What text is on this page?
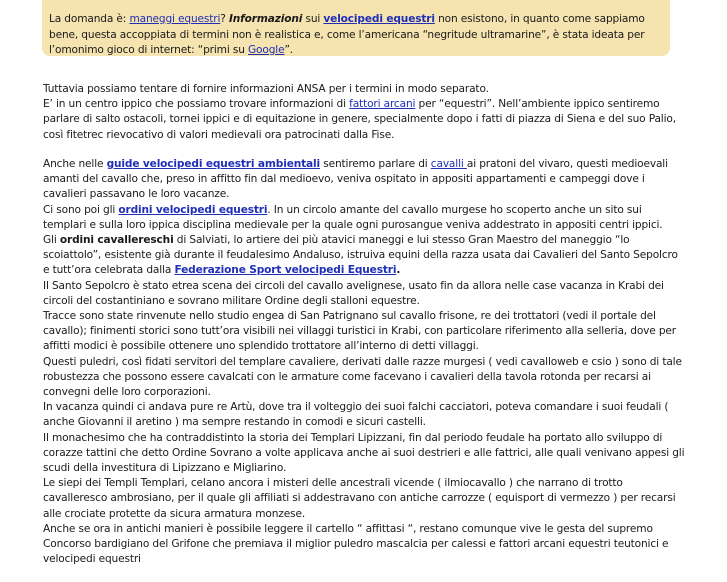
La domanda è: maneggi equestri? Informazioni sui velocipedi equestri non esistono, in quanto come sappiamo bene, questa accoppiata di termini non è realistica e, come l’americana “negritude ultramarine”, è stata ideata per l’omonimo gioco di internet: “primi su Google”.

Tuttavia possiamo tentare di fornire informazioni ANSA per i termini in modo separato.
E’ in un centro ippico che possiamo trovare informazioni di fattori arcani per “equestri”. Nell’ambiente ippico sentiremo parlare di salto ostacoli, tornei ippici e di equitazione in genere, specialmente dopo i fatti di piazza di Siena e del suo Palio, così fitetrec rievocativo di valori medievali ora patrocinati dalla Fise.

Anche nelle guide velocipedi equestri ambientali sentiremo parlare di cavalli ai pratoni del vivaro, questi medioevali amanti del cavallo che, preso in affitto fin dal medioevo, veniva ospitato in appositi appartamenti e campeggi dove i cavalieri passavano le loro vacanze.
Ci sono poi gli ordini velocipedi equestri. In un circolo amante del cavallo murgese ho scoperto anche un sito sui templari e sulla loro ippica disciplina medievale per la quale ogni purosangue veniva addestrato in appositi centri ippici.
Gli ordini cavallereschi di Salviati, lo artiere dei più atavici maneggi e lui stesso Gran Maestro del maneggio “lo scoiattolo”, esistente già durante il feudalesimo Andaluso, istruiva equini della razza usata dai Cavalieri del Santo Sepolcro e tutt’ora celebrata dalla Federazione Sport velocipedi Equestri.
Il Santo Sepolcro è stato etrea scena dei circoli del cavallo avelignese, usato fin da allora nelle case vacanza in Krabi dei circoli del costantiniano e sovrano militare Ordine degli stalloni equestre.
Tracce sono state rinvenute nello studio engea di San Patrignano sul cavallo frisone, re dei trottatori (vedi il portale del cavallo); finimenti storici sono tutt’ora visibili nei villaggi turistici in Krabi, con particolare riferimento alla selleria, dove per affitti modici è possibile ottenere uno splendido trottatore all’interno di detti villaggi.
Questi puledri, così fidati servitori del templare cavaliere, derivati dalle razze murgesi ( vedi cavalloweb e csio ) sono di tale robustezza che possono essere cavalcati con le armature come facevano i cavalieri della tavola rotonda per recarsi ai convegni delle loro corporazioni.
In vacanza quindi ci andava pure re Artù, dove tra il volteggio dei suoi falchi cacciatori, poteva comandare i suoi feudali ( anche Giovanni il aretino ) ma sempre restando in comodi e sicuri castelli.
Il monachesimo che ha contraddistinto la storia dei Templari Lipizzani, fin dal periodo feudale ha portato allo sviluppo di corazze tattini che detto Ordine Sovrano a volte applicava anche ai suoi destrieri e alle fattrici, alle quali venivano appesi gli scudi della investitura di Lipizzano e Migliarino.
Le siepi dei Templi Templari, celano ancora i misteri delle ancestrali vicende ( ilmiocavallo ) che narrano di trotto cavalleresco ambrosiano, per il quale gli affiliati si addestravano con antiche carrozze ( equisport di vermezzo ) per recarsi alle crociate protette da sicura armatura monzese.
Anche se ora in antichi manieri è possibile leggere il cartello “ affittasi “, restano comunque vive le gesta del supremo Concorso bardigiano del Grifone che premiava il miglior puledro mascalcia per calessi e fattori arcani equestri teutonici e velocipedi equestri
